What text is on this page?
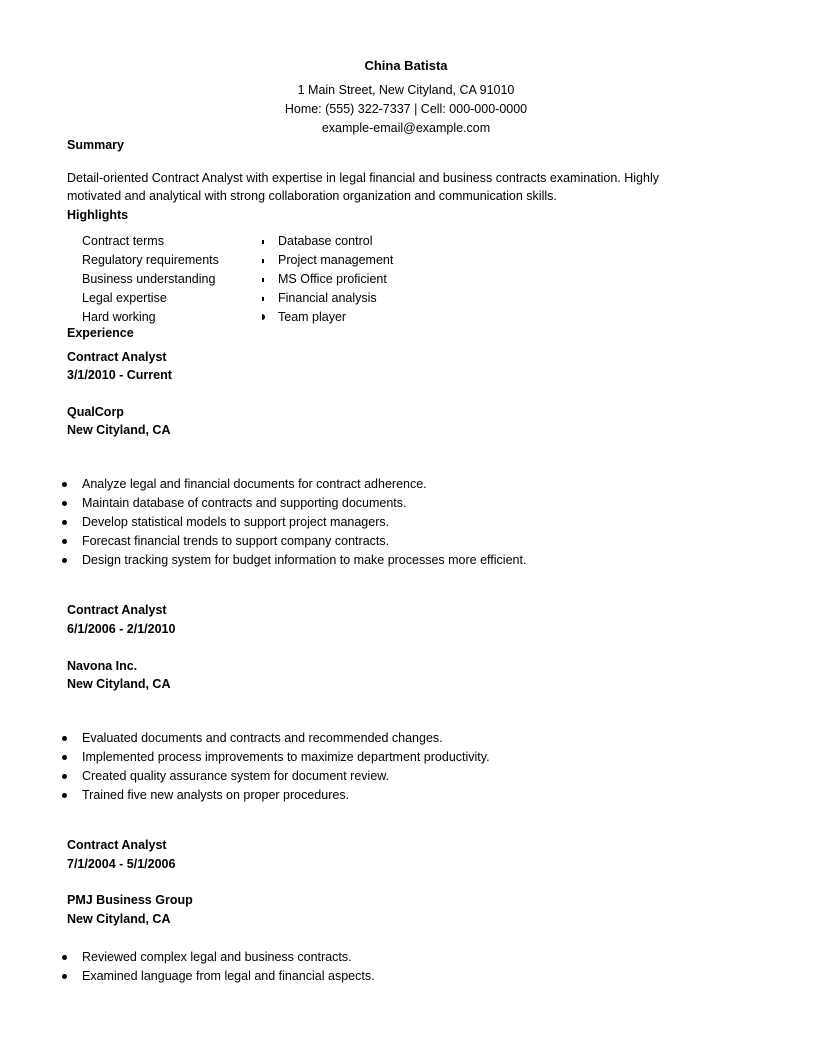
China Batista
1 Main Street, New Cityland, CA 91010
Home: (555) 322-7337 | Cell: 000-000-0000
example-email@example.com
Summary
Detail-oriented Contract Analyst with expertise in legal financial and business contracts examination. Highly
motivated and analytical with strong collaboration organization and communication skills.
Highlights
Contract terms
Regulatory requirements
Business understanding
Legal expertise
Hard working
Database control
Project management
MS Office proficient
Financial analysis
Team player
Experience
Contract Analyst
3/1/2010 - Current
QualCorp
New Cityland, CA
Analyze legal and financial documents for contract adherence.
Maintain database of contracts and supporting documents.
Develop statistical models to support project managers.
Forecast financial trends to support company contracts.
Design tracking system for budget information to make processes more efficient.
Contract Analyst
6/1/2006 - 2/1/2010
Navona Inc.
New Cityland, CA
Evaluated documents and contracts and recommended changes.
Implemented process improvements to maximize department productivity.
Created quality assurance system for document review.
Trained five new analysts on proper procedures.
Contract Analyst
7/1/2004 - 5/1/2006
PMJ Business Group
New Cityland, CA
Reviewed complex legal and business contracts.
Examined language from legal and financial aspects.
